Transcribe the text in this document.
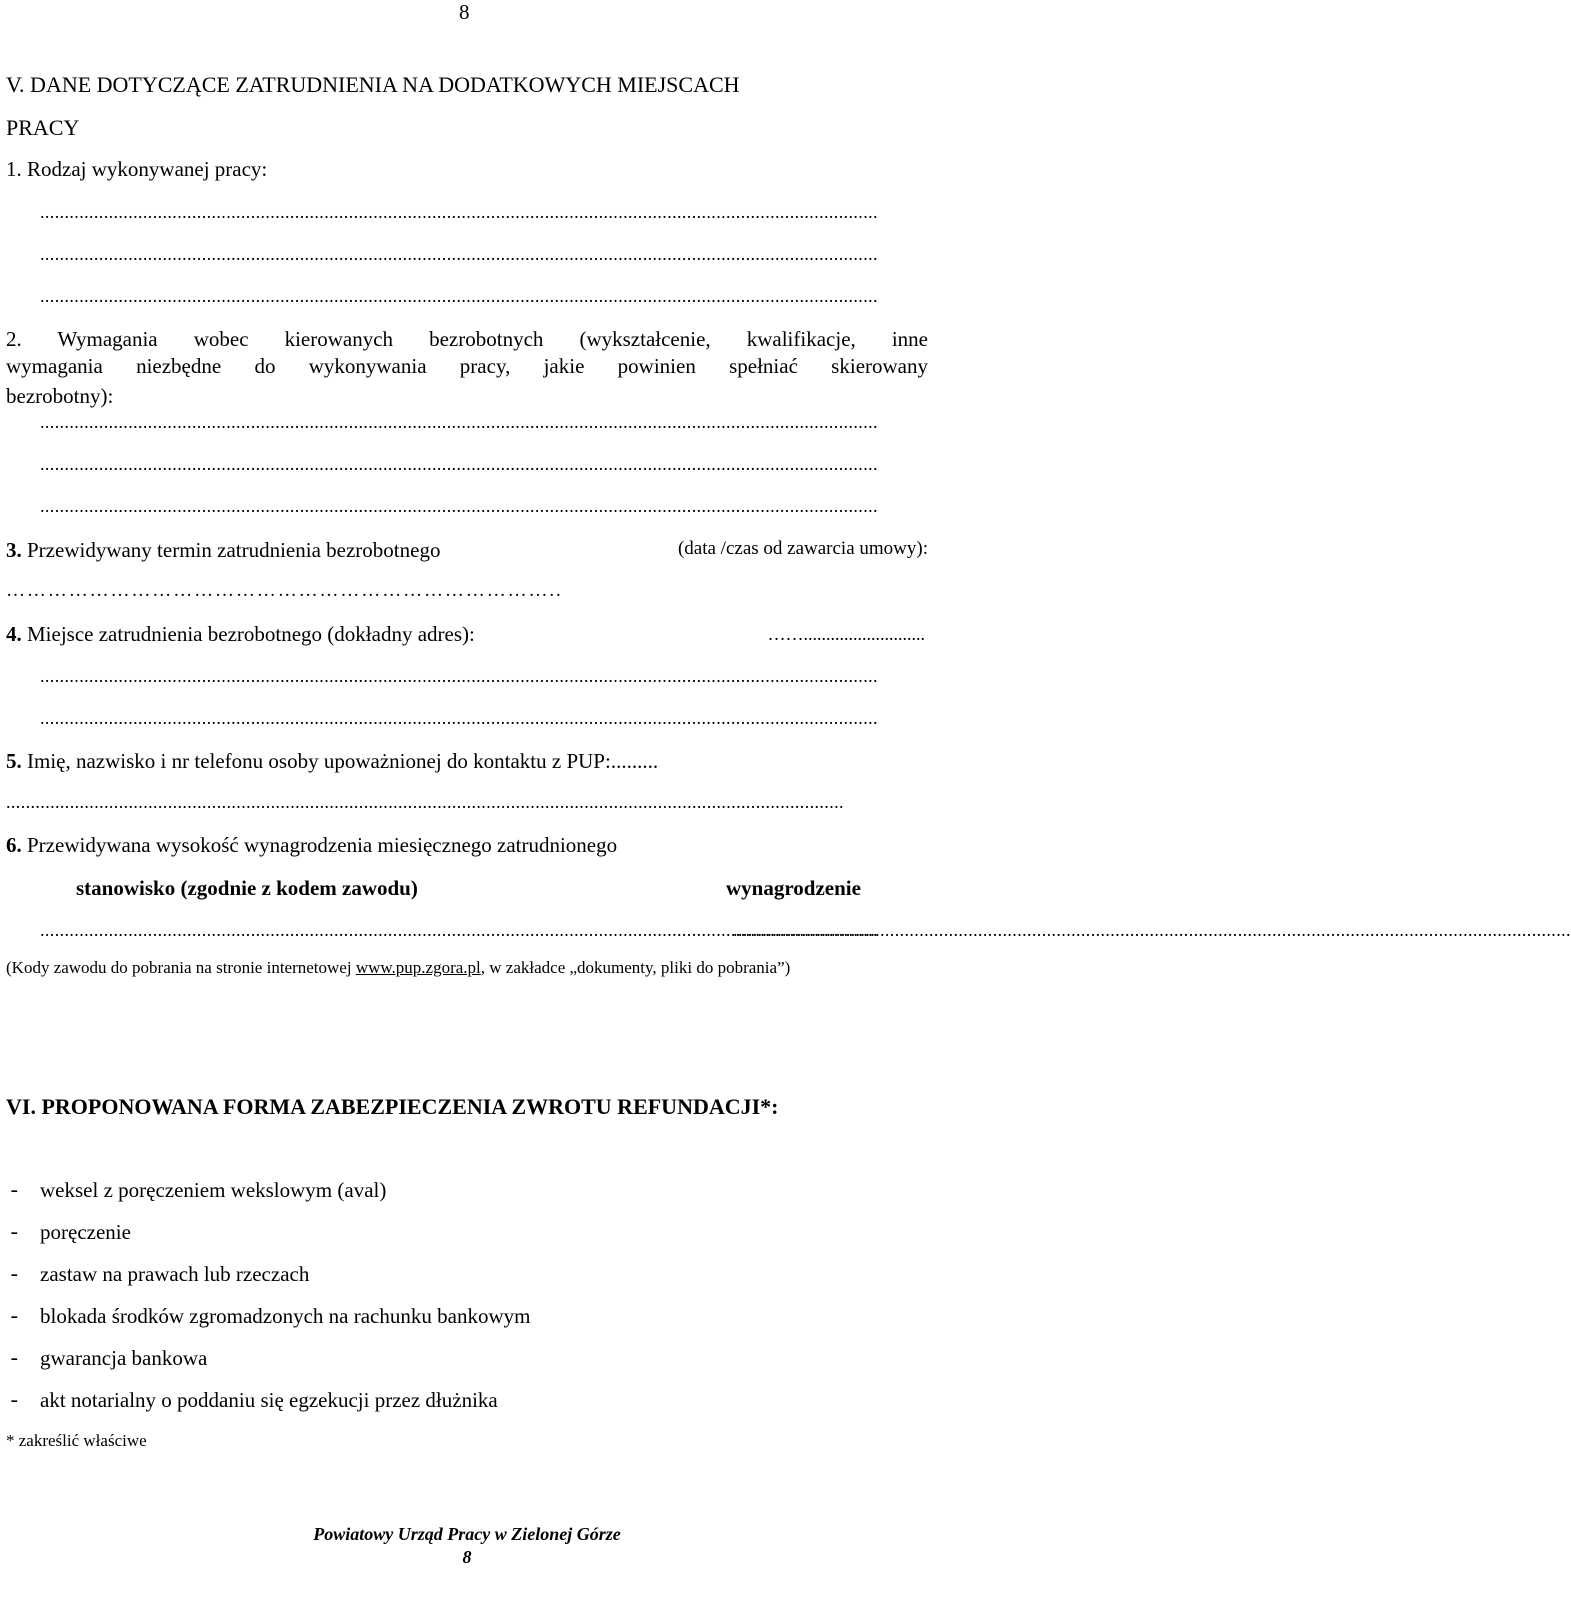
8
V. DANE DOTYCZĄCE ZATRUDNIENIA NA DODATKOWYCH MIEJSCACH
PRACY
1. Rodzaj wykonywanej pracy:
...........................................................................................................................................................................
...........................................................................................................................................................................
...........................................................................................................................................................................
2. Wymagania wobec kierowanych bezrobotnych (wykształcenie, kwalifikacje, inne
wymagania niezbędne do wykonywania pracy, jakie powinien spełniać skierowany
bezrobotny):
...........................................................................................................................................................................
...........................................................................................................................................................................
...........................................................................................................................................................................
3. Przewidywany termin zatrudnienia bezrobotnego	(data /czas od zawarcia umowy):
……………………………………………………………………..
4. Miejsce zatrudnienia bezrobotnego (dokładny adres):	……...........................
...........................................................................................................................................................................
...........................................................................................................................................................................
5. Imię, nazwisko i nr telefonu osoby upoważnionej do kontaktu z PUP:.........
...........................................................................................................................................................................
6. Przewidywana wysokość wynagrodzenia miesięcznego zatrudnionego
stanowisko (zgodnie z kodem zawodu)	wynagrodzenie
...........................................................................................................................................................................
...........................................................................................................................................................................
(Kody zawodu do pobrania na stronie internetowej www.pup.zgora.pl, w zakładce „dokumenty, pliki do pobrania”)
VI. PROPONOWANA FORMA ZABEZPIECZENIA ZWROTU REFUNDACJI*:
- weksel z poręczeniem wekslowym (aval)
- poręczenie
- zastaw na prawach lub rzeczach
- blokada środków zgromadzonych na rachunku bankowym
- gwarancja bankowa
- akt notarialny o poddaniu się egzekucji przez dłużnika
* zakreślić właściwe
Powiatowy Urząd Pracy w Zielonej Górze
8
